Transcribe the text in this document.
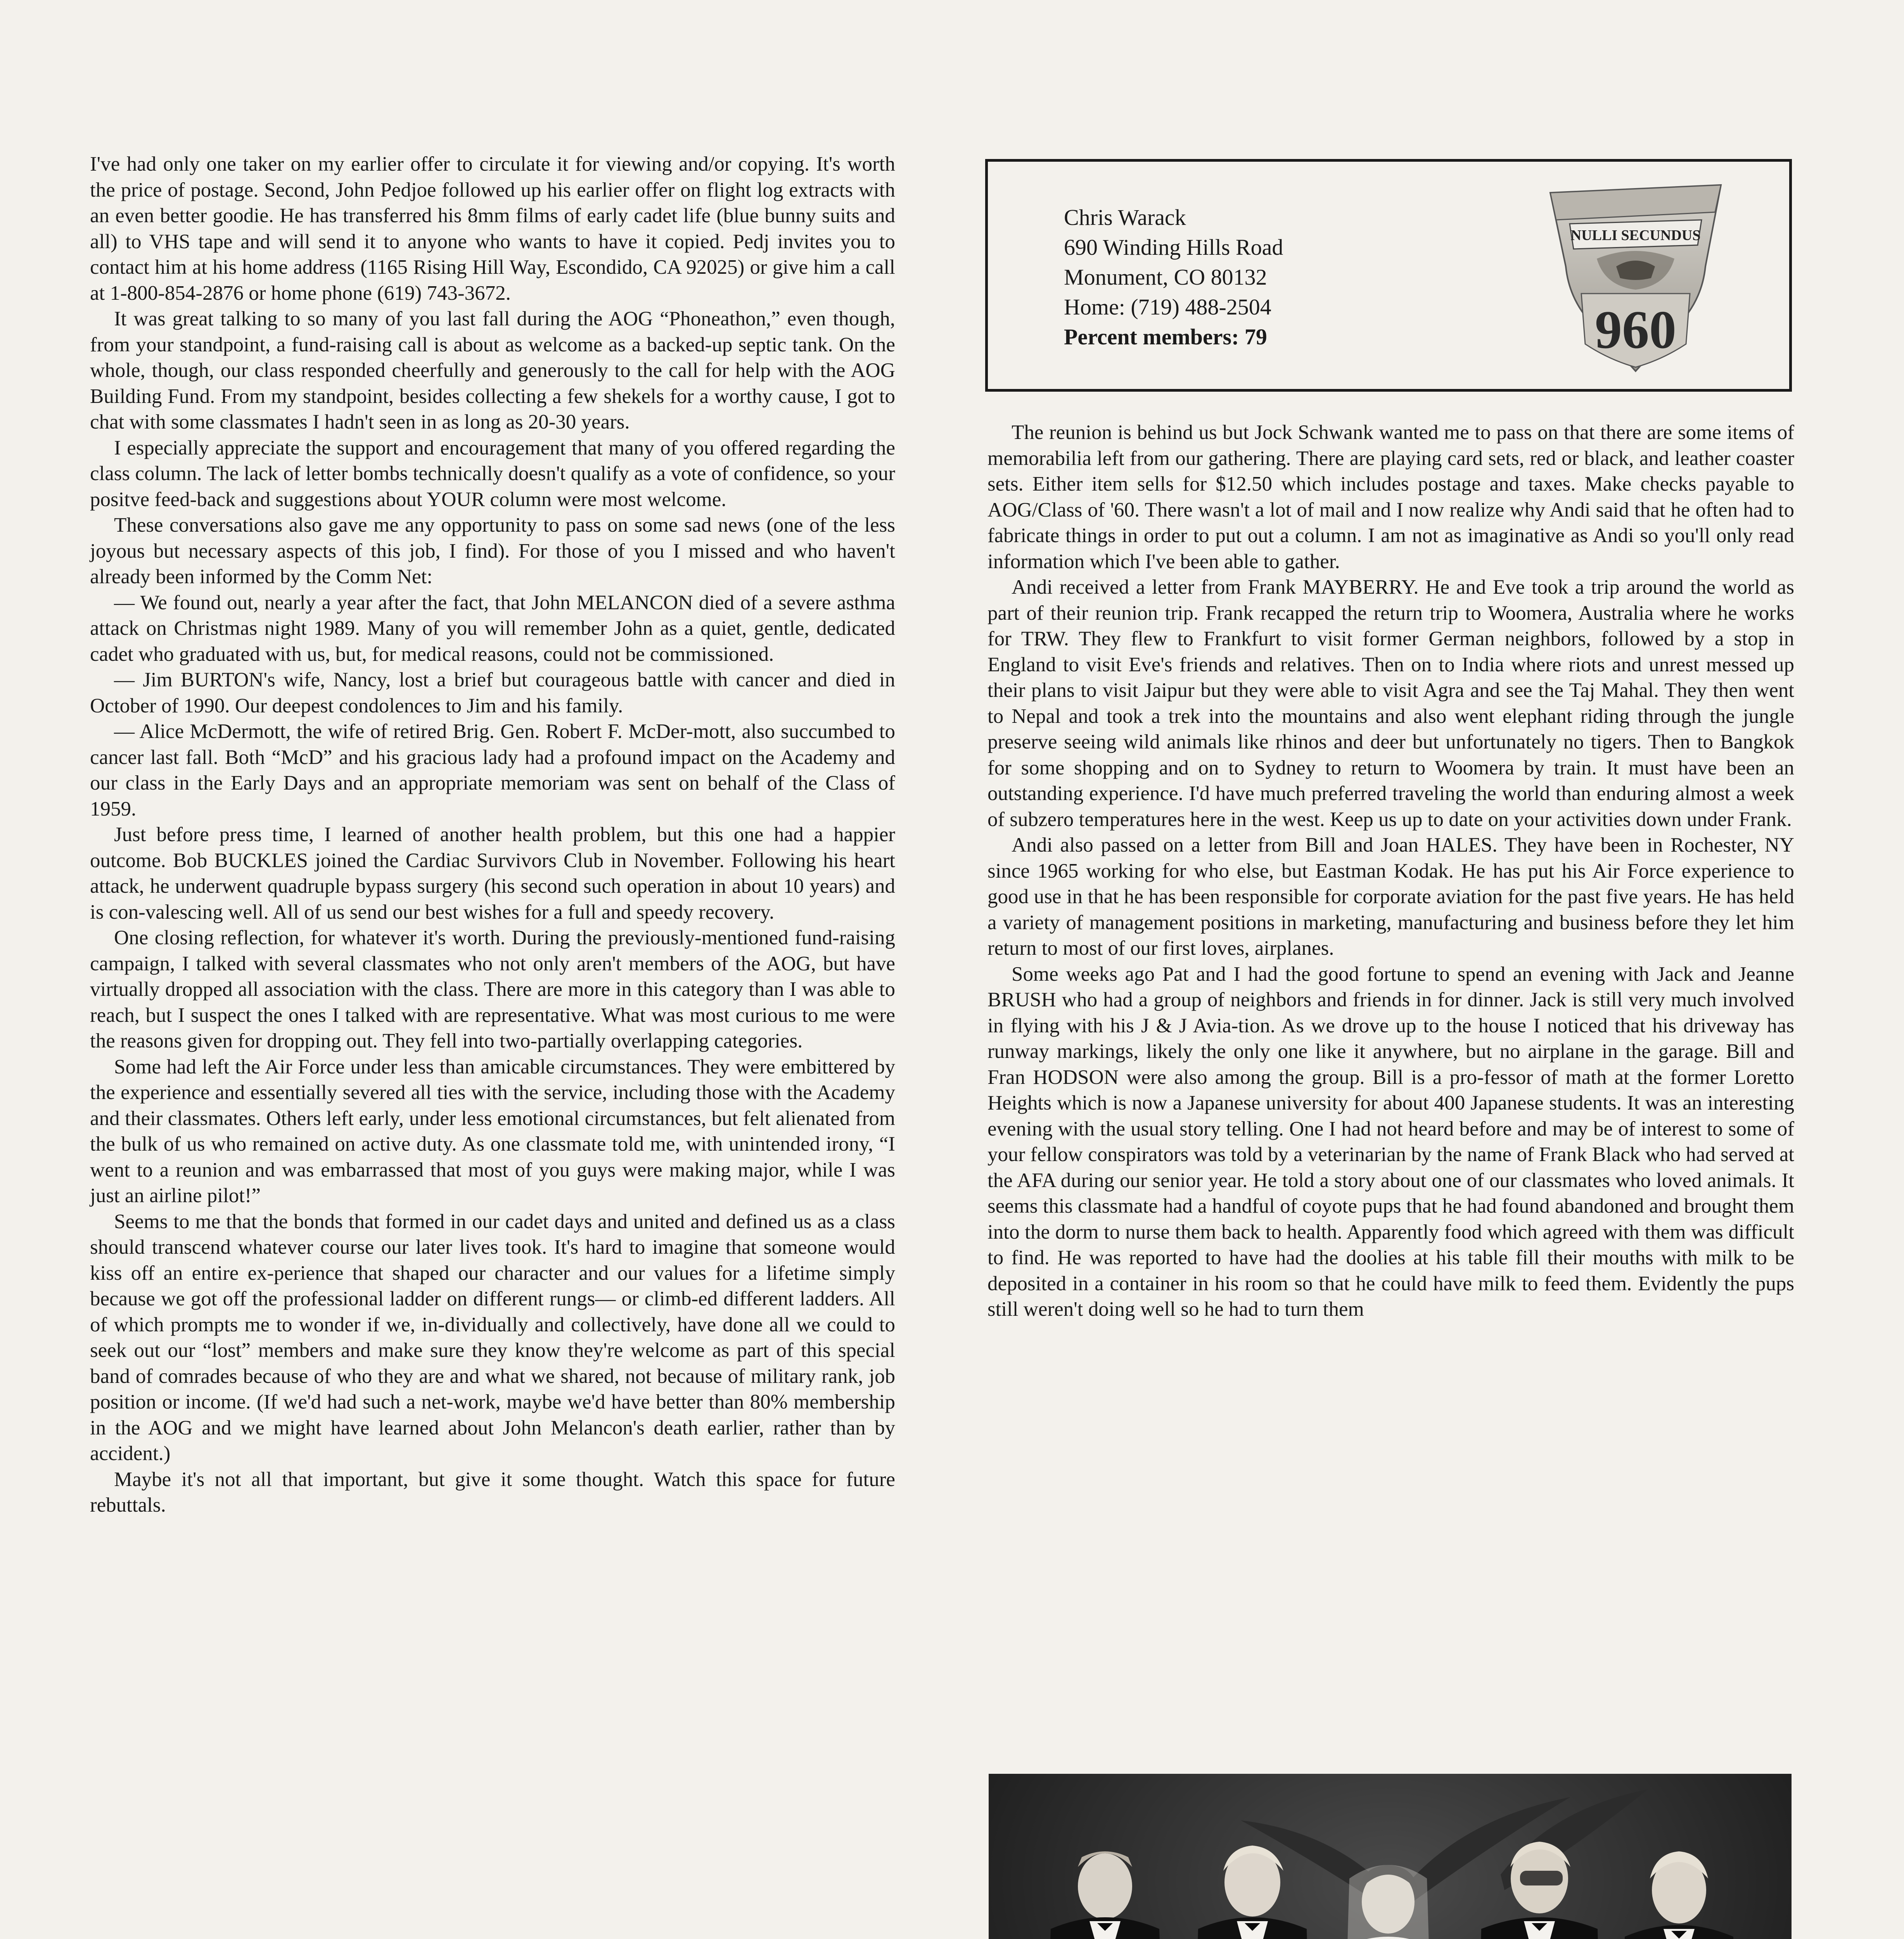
I've had only one taker on my earlier offer to circulate it for viewing and/or copying. It's worth the price of postage. Second, John Pedjoe followed up his earlier offer on flight log extracts with an even better goodie. He has transferred his 8mm films of early cadet life (blue bunny suits and all) to VHS tape and will send it to anyone who wants to have it copied. Pedj invites you to contact him at his home address (1165 Rising Hill Way, Escondido, CA 92025) or give him a call at 1-800-854-2876 or home phone (619) 743-3672.

It was great talking to so many of you last fall during the AOG “Phoneathon,” even though, from your standpoint, a fund-raising call is about as welcome as a backed-up septic tank. On the whole, though, our class responded cheerfully and generously to the call for help with the AOG Building Fund. From my standpoint, besides collecting a few shekels for a worthy cause, I got to chat with some classmates I hadn't seen in as long as 20-30 years.

I especially appreciate the support and encouragement that many of you offered regarding the class column. The lack of letter bombs technically doesn't qualify as a vote of confidence, so your positve feed-back and suggestions about YOUR column were most welcome.

These conversations also gave me any opportunity to pass on some sad news (one of the less joyous but necessary aspects of this job, I find). For those of you I missed and who haven't already been informed by the Comm Net:

— We found out, nearly a year after the fact, that John MELANCON died of a severe asthma attack on Christmas night 1989. Many of you will remember John as a quiet, gentle, dedicated cadet who graduated with us, but, for medical reasons, could not be commissioned.

— Jim BURTON's wife, Nancy, lost a brief but courageous battle with cancer and died in October of 1990. Our deepest condolences to Jim and his family.

— Alice McDermott, the wife of retired Brig. Gen. Robert F. McDer-mott, also succumbed to cancer last fall. Both “McD” and his gracious lady had a profound impact on the Academy and our class in the Early Days and an appropriate memoriam was sent on behalf of the Class of 1959.

Just before press time, I learned of another health problem, but this one had a happier outcome. Bob BUCKLES joined the Cardiac Survivors Club in November. Following his heart attack, he underwent quadruple bypass surgery (his second such operation in about 10 years) and is con-valescing well. All of us send our best wishes for a full and speedy recovery.

One closing reflection, for whatever it's worth. During the previously-mentioned fund-raising campaign, I talked with several classmates who not only aren't members of the AOG, but have virtually dropped all association with the class. There are more in this category than I was able to reach, but I suspect the ones I talked with are representative. What was most curious to me were the reasons given for dropping out. They fell into two-partially overlapping categories.

Some had left the Air Force under less than amicable circumstances. They were embittered by the experience and essentially severed all ties with the service, including those with the Academy and their classmates. Others left early, under less emotional circumstances, but felt alienated from the bulk of us who remained on active duty. As one classmate told me, with unintended irony, “I went to a reunion and was embarrassed that most of you guys were making major, while I was just an airline pilot!”

Seems to me that the bonds that formed in our cadet days and united and defined us as a class should transcend whatever course our later lives took. It's hard to imagine that someone would kiss off an entire ex-perience that shaped our character and our values for a lifetime simply because we got off the professional ladder on different rungs— or climb-ed different ladders. All of which prompts me to wonder if we, in-dividually and collectively, have done all we could to seek out our “lost” members and make sure they know they're welcome as part of this special band of comrades because of who they are and what we shared, not because of military rank, job position or income. (If we'd had such a net-work, maybe we'd have better than 80% membership in the AOG and we might have learned about John Melancon's death earlier, rather than by accident.)

Maybe it's not all that important, but give it some thought. Watch this space for future rebuttals.

Chris Warack
690 Winding Hills Road
Monument, CO 80132
Home: (719) 488-2504
Percent members: 79
NULLI SECUNDUS
960

The reunion is behind us but Jock Schwank wanted me to pass on that there are some items of memorabilia left from our gathering. There are playing card sets, red or black, and leather coaster sets. Either item sells for $12.50 which includes postage and taxes. Make checks payable to AOG/Class of '60. There wasn't a lot of mail and I now realize why Andi said that he often had to fabricate things in order to put out a column. I am not as imaginative as Andi so you'll only read information which I've been able to gather.

Andi received a letter from Frank MAYBERRY. He and Eve took a trip around the world as part of their reunion trip. Frank recapped the return trip to Woomera, Australia where he works for TRW. They flew to Frankfurt to visit former German neighbors, followed by a stop in England to visit Eve's friends and relatives. Then on to India where riots and unrest messed up their plans to visit Jaipur but they were able to visit Agra and see the Taj Mahal. They then went to Nepal and took a trek into the mountains and also went elephant riding through the jungle preserve seeing wild animals like rhinos and deer but unfortunately no tigers. Then to Bangkok for some shopping and on to Sydney to return to Woomera by train. It must have been an outstanding experience. I'd have much preferred traveling the world than enduring almost a week of subzero temperatures here in the west. Keep us up to date on your activities down under Frank.

Andi also passed on a letter from Bill and Joan HALES. They have been in Rochester, NY since 1965 working for who else, but Eastman Kodak. He has put his Air Force experience to good use in that he has been responsible for corporate aviation for the past five years. He has held a variety of management positions in marketing, manufacturing and business before they let him return to most of our first loves, airplanes.

Some weeks ago Pat and I had the good fortune to spend an evening with Jack and Jeanne BRUSH who had a group of neighbors and friends in for dinner. Jack is still very much involved in flying with his J & J Avia-tion. As we drove up to the house I noticed that his driveway has runway markings, likely the only one like it anywhere, but no airplane in the garage. Bill and Fran HODSON were also among the group. Bill is a pro-fessor of math at the former Loretto Heights which is now a Japanese university for about 400 Japanese students. It was an interesting evening with the usual story telling. One I had not heard before and may be of interest to some of your fellow conspirators was told by a veterinarian by the name of Frank Black who had served at the AFA during our senior year. He told a story about one of our classmates who loved animals. It seems this classmate had a handful of coyote pups that he had found abandoned and brought them into the dorm to nurse them back to health. Apparently food which agreed with them was difficult to find. He was reported to have had the doolies at his table fill their mouths with milk to be deposited in a container in his room so that he could have milk to feed them. Evidently the pups still weren't doing well so he had to turn them
